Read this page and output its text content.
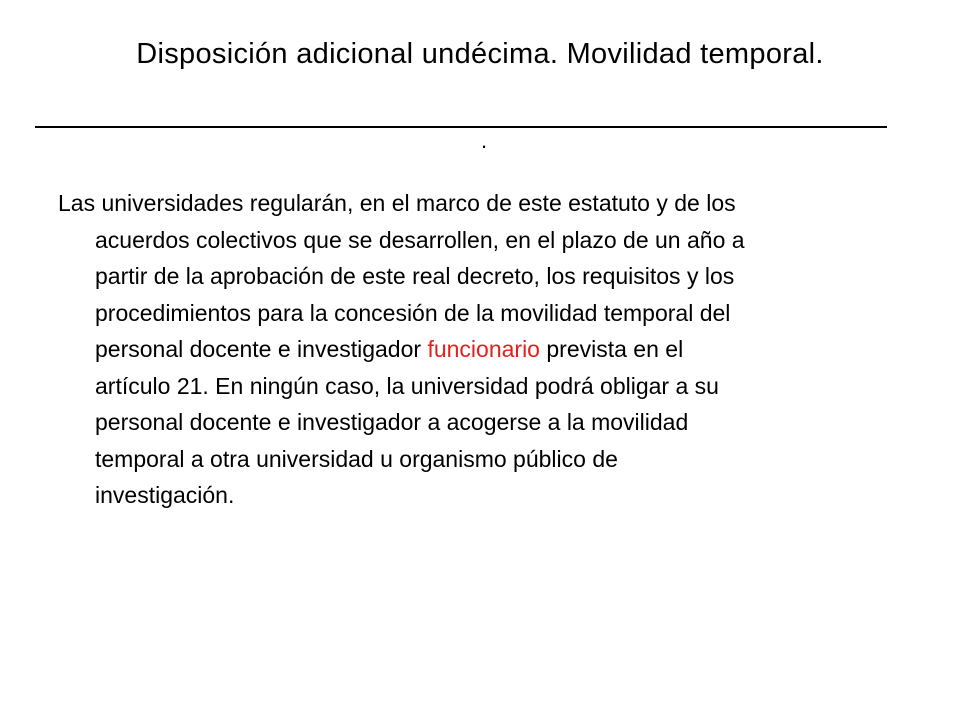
Disposición adicional undécima. Movilidad temporal.
.
Las universidades regularán, en el marco de este estatuto y de los
acuerdos colectivos que se desarrollen, en el plazo de un año a
partir de la aprobación de este real decreto, los requisitos y los
procedimientos para la concesión de la movilidad temporal del
personal docente e investigador funcionario prevista en el
artículo 21. En ningún caso, la universidad podrá obligar a su
personal docente e investigador a acogerse a la movilidad
temporal a otra universidad u organismo público de
investigación.
